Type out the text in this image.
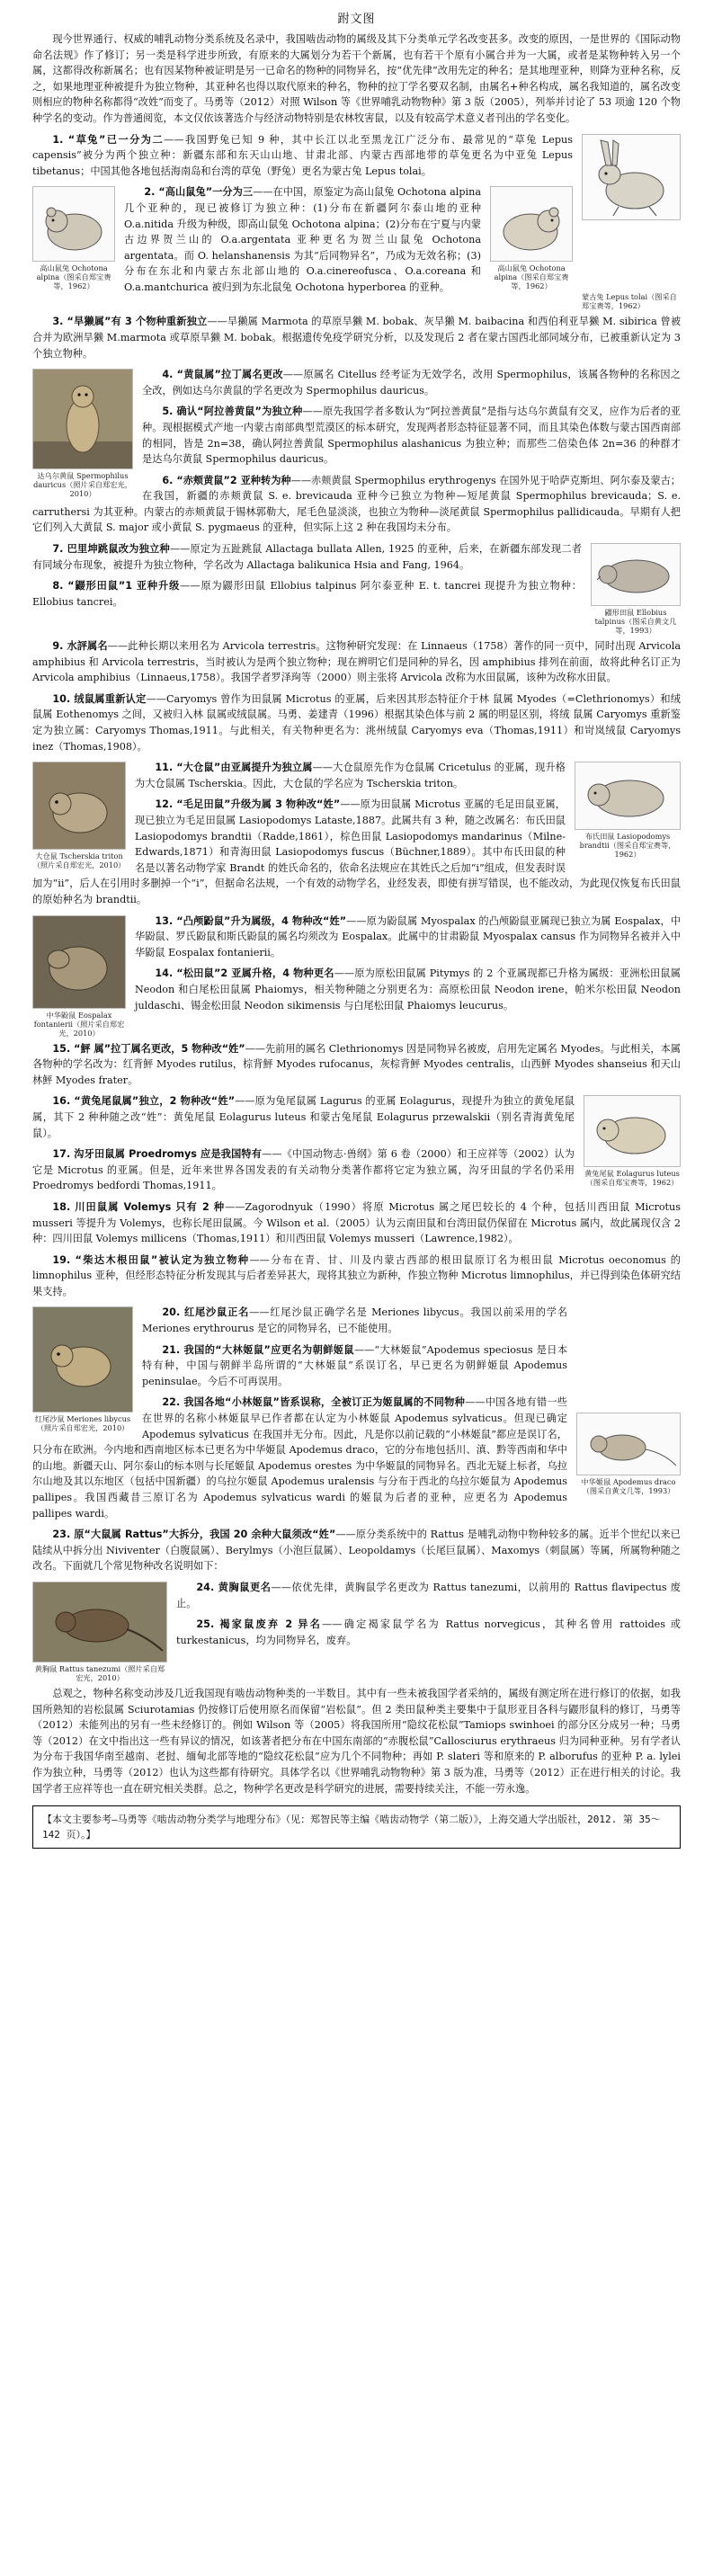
跗文图

现今世界通行、权威的哺乳动物分类系统及名录中，我国啮齿动物的属级及其下分类单元学名改变甚多。改变的原因，一是世界的《国际动物命名法规》作了修订；另一类是科学进步所致，有原来的大属划分为若干个新属，也有若干个原有小属合并为一大属，或者是某物种转入另一个属，这都得改称新属名；也有因某物种被证明是另一已命名的物种的同物异名，按“优先律”改用先定的种名；是其地理亚种，则降为亚种名称，反之，如果地理亚种被提升为独立物种，其亚种名也得以取代原来的种名，物种的拉丁学名要双名制，由属名+种名构成，属名我知道的，属名改变则相应的物种名称都得“改姓”而变了。马勇等（2012）对照 Wilson 等《世界哺乳动物物种》第 3 版（2005），列举并讨论了 53 项逾 120 个物种学名的变动。作为普通阅览，本文仅依该著选介与经济动物特别是农林牧害鼠，以及有较高学术意义者刊出的学名变化。

1. “草兔”已一分为二——我国野兔已知 9 种，其中长江以北至黑龙江广泛分布、最常见的“草兔 Lepus capensis”被分为两个独立种：新疆东部和东天山山地、甘肃北部、内蒙古西部地带的草兔更名为中亚兔 Lepus tibetanus；中国其他各地包括海南岛和台湾的草兔（野兔）更名为蒙古兔 Lepus tolai。
高山鼠兔 Ochotona alpina（图采自郑宝赉等，1962）
高山鼠兔 Ochotona alpina（图采自郑宝赉等，1962）
蒙古兔 Lepus tolai（图采自郑宝赉等，1962）
2. “高山鼠兔”一分为三——在中国，原鉴定为高山鼠兔 Ochotona alpina 几个亚种的，现已被修订为独立种：(1)分布在新疆阿尔泰山地的亚种 O.a.nitida 升级为种级，即高山鼠兔 Ochotona alpina；(2)分布在宁夏与内蒙古边界贺兰山的 O.a.argentata 亚种更名为贺兰山鼠兔 Ochotona argentata。而 O. helanshanensis 为其“后同物异名”，乃成为无效名称；(3)分布在东北和内蒙古东北部山地的 O.a.cinereofusca、O.a.coreana 和 O.a.mantchurica 被归到为东北鼠兔 Ochotona hyperborea 的亚种。
3. “旱獭属”有 3 个物种重新独立——旱獭属 Marmota 的草原旱獭 M. bobak、灰旱獭 M. baibacina 和西伯利亚旱獭 M. sibirica 曾被合并为欧洲旱獭 M.marmota 或草原旱獭 M. bobak。根据遗传免疫学研究分析，以及发现后 2 者在蒙古国西北部同域分布，已被重新认定为 3 个独立物种。
达乌尔黄鼠 Spermophilus dauricus（照片采自郑宏光，2010）
4. “黄鼠属”拉丁属名更改——原属名 Citellus 经考证为无效学名，改用 Spermophilus，该属各物种的名称因之全改，例如达乌尔黄鼠的学名更改为 Spermophilus dauricus。
5. 确认“阿拉善黄鼠”为独立种——原先我国学者多数认为“阿拉善黄鼠”是指与达乌尔黄鼠有交叉，应作为后者的亚种。现根据模式产地一内蒙古南部典型荒漠区的标本研究，发现两者形态特征显著不同，而且其染色体数与蒙古国西南部的相同，皆是 2n=38，确认阿拉善黄鼠 Spermophilus alashanicus 为独立种；而那些二倍染色体 2n=36 的种群才是达乌尔黄鼠 Spermophilus dauricus。
6. “赤颊黄鼠”2 亚种转为种——赤颊黄鼠 Spermophilus erythrogenys 在国外见于哈萨克斯坦、阿尔泰及蒙古；在我国，新疆的赤颊黄鼠 S. e. brevicauda 亚种今已独立为物种—短尾黄鼠 Spermophilus brevicauda；S. e. carruthersi 为其亚种。内蒙古的赤颊黄鼠于锡林郭勒大，尾毛色显淡淡，也独立为物种—淡尾黄鼠 Spermophilus pallidicauda。早期有人把它们列入大黄鼠 S. major 或小黄鼠 S. pygmaeus 的亚种，但实际上这 2 种在我国均未分布。
鼹形田鼠 Ellobius talpinus（图采自黄文几等，1993）
7. 巴里坤跳鼠改为独立种——原定为五趾跳鼠 Allactaga bullata Allen, 1925 的亚种，后来，在新疆东部发现二者有同域分布现象，被提升为独立物种，学名改为 Allactaga balikunica Hsia and Fang, 1964。
8. “鼹形田鼠”1 亚种升级——原为鼹形田鼠 Ellobius talpinus 阿尔泰亚种 E. t. tancrei 现提升为独立物种：Ellobius tancrei。
9. 水評属名——此种长期以来用名为 Arvicola terrestris。这物种研究发现：在 Linnaeus（1758）著作的同一页中，同时出现 Arvicola amphibius 和 Arvicola terrestris，当时被认为是两个独立物种；现在辨明它们是同种的异名，因 amphibius 排列在前面，故将此种名订正为 Arvicola amphibius（Linnaeus,1758）。我国学者罗泽珣等（2000）则主张将 Arvicola 改称为水田鼠属，该种为改称水田鼠。
10. 绒鼠属重新认定——Caryomys 曾作为田鼠属 Microtus 的亚属，后来因其形态特征介于林 鼠属 Myodes（=Clethrionomys）和绒鼠属 Eothenomys 之间，又被归入林 鼠属或绒鼠属。马勇、姜建青（1996）根据其染色体与前 2 属的明显区别，将绒 鼠属 Caryomys 重新鉴定为独立属：Caryomys Thomas,1911。与此相关，有关物种更名为：洮州绒鼠 Caryomys eva（Thomas,1911）和岢岚绒鼠 Caryomys inez（Thomas,1908）。
大仓鼠 Tscherskia triton（照片采自郑宏光，2010）
布氏田鼠 Lasiopodomys brandtii（图采自郑宝赉等，1962）
11. “大仓鼠”由亚属提升为独立属——大仓鼠原先作为仓鼠属 Cricetulus 的亚属，现升格为大仓鼠属 Tscherskia。因此，大仓鼠的学名应为 Tscherskia triton。
12. “毛足田鼠”升级为属 3 物种改“姓”——原为田鼠属 Microtus 亚属的毛足田鼠亚属，现已独立为毛足田鼠属 Lasiopodomys Lataste,1887。此属共有 3 种，随之改属名：布氏田鼠 Lasiopodomys brandtii（Radde,1861），棕色田鼠 Lasiopodomys mandarinus（Milne-Edwards,1871）和青海田鼠 Lasiopodomys fuscus（Büchner,1889）。其中布氏田鼠的种名是以著名动物学家 Brandt 的姓氏命名的，依命名法规应在其姓氏之后加“i”组成，但发表时误加为“ii”，后人在引用时多删掉一个“i”，但据命名法规，一个有效的动物学名，业经发表，即使有拼写错误，也不能改动，为此现仅恢复布氏田鼠的原始种名为 brandtii。
中华鼢鼠 Eospalax fontanierii（照片采自郑宏光，2010）
13. “凸颅鼢鼠”升为属级，4 物种改“姓”——原为鼢鼠属 Myospalax 的凸颅鼢鼠亚属现已独立为属 Eospalax，中华鼢鼠、罗氏鼢鼠和斯氏鼢鼠的属名均须改为 Eospalax。此属中的甘肃鼢鼠 Myospalax cansus 作为同物异名被并入中华鼢鼠 Eospalax fontanierii。
14. “松田鼠”2 亚属升格，4 物种更名——原为原松田鼠属 Pitymys 的 2 个亚属现都已升格为属级：亚洲松田鼠属 Neodon 和白尾松田鼠属 Phaiomys，相关物种随之分别更名为：高原松田鼠 Neodon irene，帕米尔松田鼠 Neodon juldaschi、锡金松田鼠 Neodon sikimensis 与白尾松田鼠 Phaiomys leucurus。
15. “鮃 属”拉丁属名更改，5 物种改“姓”——先前用的属名 Clethrionomys 因是同物异名被废，启用先定属名 Myodes。与此相关，本属各物种的学名改为：红背鮃 Myodes rutilus，棕背鮃 Myodes rufocanus，灰棕背鮃 Myodes centralis，山西鮃 Myodes shanseius 和天山林鮃 Myodes frater。
黄兔尾鼠 Eolagurus luteus（图采自郑宝赉等，1962）
16. “黄兔尾鼠属”独立，2 物种改“姓”——原为兔尾鼠属 Lagurus 的亚属 Eolagurus，现提升为独立的黄兔尾鼠属，其下 2 种种随之改“姓”：黄兔尾鼠 Eolagurus luteus 和蒙古兔尾鼠 Eolagurus przewalskii（别名青海黄兔尾鼠）。
17. 沟牙田鼠属 Proedromys 应是我国特有——《中国动物志·兽纲》第 6 卷（2000）和王应祥等（2002）认为它是 Microtus 的亚属。但是，近年来世界各国发表的有关动物分类著作都将它定为独立属，沟牙田鼠的学名仍采用 Proedromys bedfordi Thomas,1911。
18. 川田鼠属 Volemys 只有 2 种——Zagorodnyuk（1990）将原 Microtus 属之尾巴较长的 4 个种，包括川西田鼠 Microtus musseri 等提升为 Volemys，也称长尾田鼠属。今 Wilson et al.（2005）认为云南田鼠和台湾田鼠仍保留在 Microtus 属内，故此属现仅含 2 种：四川田鼠 Volemys millicens（Thomas,1911）和川西田鼠 Volemys musseri（Lawrence,1982）。
19. “柴达木根田鼠”被认定为独立物种——分布在青、甘、川及内蒙古西部的根田鼠原订名为根田鼠 Microtus oeconomus 的 limnophilus 亚种，但经形态特征分析发现其与后者差异甚大，现将其独立为新种，作独立物种 Microtus limnophilus，并已得到染色体研究结果支持。
红尾沙鼠 Meriones libycus（照片采自郑宏光，2010）
中华姬鼠 Apodemus draco（图采自黄文几等，1993）
20. 红尾沙鼠正名——红尾沙鼠正确学名是 Meriones libycus。我国以前采用的学名 Meriones erythrourus 是它的同物异名，已不能使用。
21. 我国的“大林姬鼠”应更名为朝鲜姬鼠——“大林姬鼠”Apodemus speciosus 是日本特有种，中国与朝鲜半岛所谓的“大林姬鼠”系误订名，早已更名为朝鲜姬鼠 Apodemus peninsulae。今后不可再误用。
22. 我国各地“小林姬鼠”皆系误称，全被订正为姬鼠属的不同物种——中国各地有错一些在世界的名称小林姬鼠早已作者都在认定为小林姬鼠 Apodemus sylvaticus。但现已确定 Apodemus sylvaticus 在我国并无分布。因此，凡是你以前记载的“小林姬鼠”都应是误订名，只分布在欧洲。今内地和西南地区标本已更名为中华姬鼠 Apodemus draco，它的分布地包括川、滇、黔等西南和华中的山地。新疆天山、阿尔泰山的标本则与长尾姬鼠 Apodemus orestes 为中华姬鼠的同物异名。西北无疑上标者，乌拉尔山地及其以东地区（包括中国新疆）的乌拉尔姬鼠 Apodemus uralensis 与分布于西北的乌拉尔姬鼠为 Apodemus pallipes。我国西藏昔三原订名为 Apodemus sylvaticus wardi 的姬鼠为后者的亚种，应更名为 Apodemus pallipes wardi。
23. 原“大鼠属 Rattus”大拆分，我国 20 余种大鼠须改“姓”——原分类系统中的 Rattus 是哺乳动物中物种较多的属。近半个世纪以来已陆续从中拆分出 Niviventer（白腹鼠属）、Berylmys（小泡巨鼠属）、Leopoldamys（长尾巨鼠属）、Maxomys（刺鼠属）等属，所属物种随之改名。下面就几个常见物种改名说明如下：
黄胸鼠 Rattus tanezumi（照片采自郑宏光，2010）
24. 黄胸鼠更名——依优先律，黄胸鼠学名更改为 Rattus tanezumi，以前用的 Rattus flavipectus 废止。
25. 褐家鼠废弃 2 异名——确定褐家鼠学名为 Rattus norvegicus，其种名曾用 rattoides 或 turkestanicus，均为同物异名，废弃。

总观之，物种名称变动涉及几近我国现有啮齿动物种类的一半数目。其中有一些未被我国学者采纳的，属级有测定所在进行修订的依据，如我国所熟知的岩松鼠属 Sciurotamias 仍按修订后使用原名而保留“岩松鼠”。但 2 类田鼠种类主要集中于鼠形亚目各科与鼹形鼠科的修订，马勇等（2012）未能列出的另有一些未经修订的。例如 Wilson 等（2005）将我国所用“隐纹花松鼠”Tamiops swinhoei 的部分区分成另一种；马勇等（2012）在文中指出这一些有异议的情况，如该著者把分布在中国东南部的“赤腹松鼠”Callosciurus erythraeus 归为同种亚种。另有学者认为分布于我国华南至越南、老挝、缅甸北部等地的“隐纹花松鼠”应为几个不同物种；再如 P. slateri 等和原来的 P. alborufus 的亚种 P. a. lylei 作为独立种，马勇等（2012）也认为这些都有待研究。具体学名以《世界哺乳动物物种》第 3 版为准，马勇等（2012）正在进行相关的讨论。我国学者王应祥等也一直在研究相关类群。总之，物种学名更改是科学研究的进展，需要持续关注，不能一劳永逸。

【本文主要参考—马勇等《啮齿动物分类学与地理分布》（见：郑智民等主编《啮齿动物学（第二版）》，上海交通大学出版社，2012. 第 35～142 页）。】
